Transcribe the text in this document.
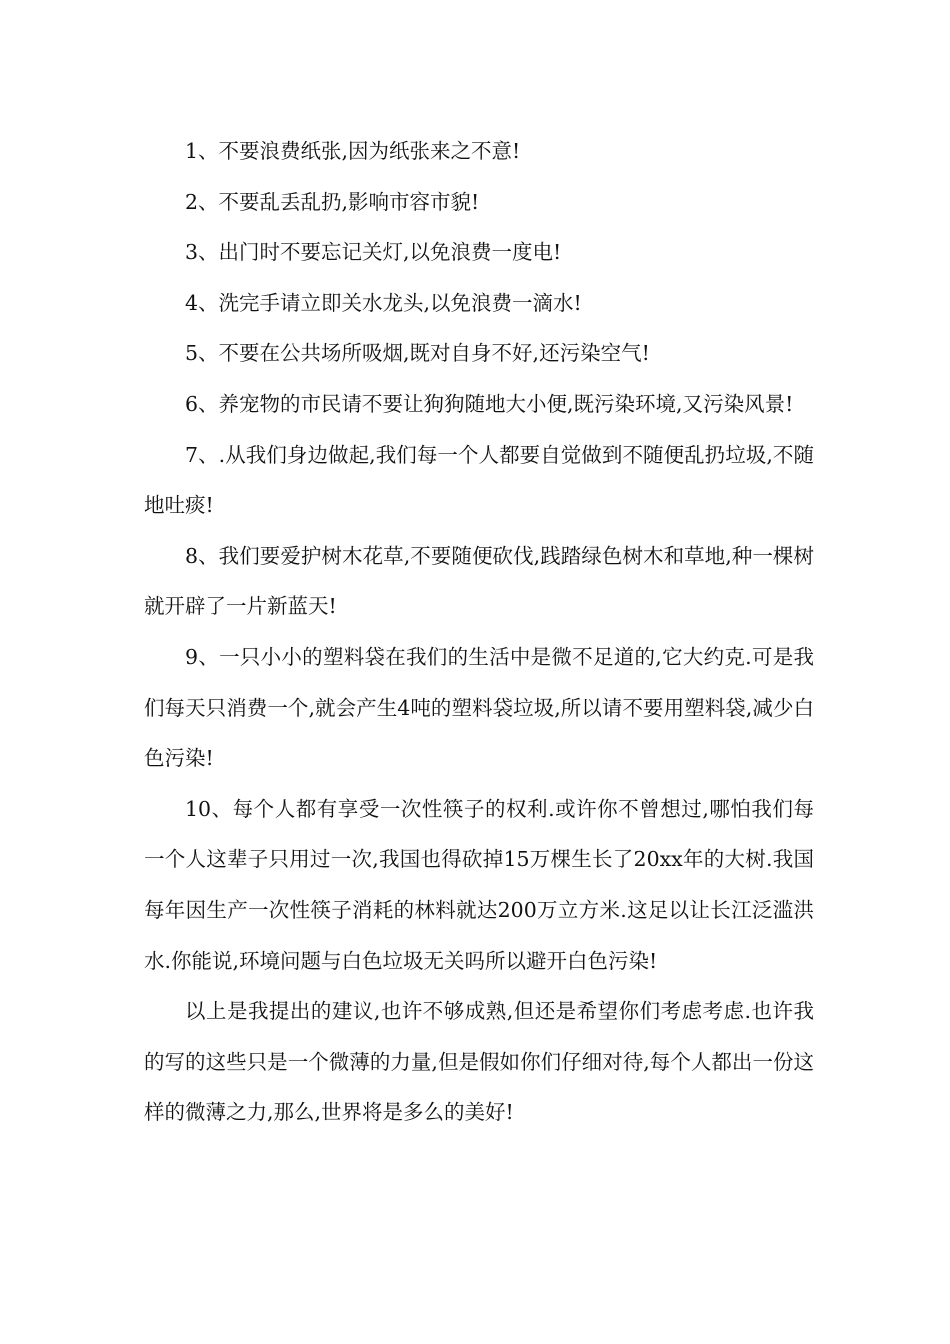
1、不要浪费纸张,因为纸张来之不意!

2、不要乱丢乱扔,影响市容市貌!

3、出门时不要忘记关灯,以免浪费一度电!

4、洗完手请立即关水龙头,以免浪费一滴水!

5、不要在公共场所吸烟,既对自身不好,还污染空气!

6、养宠物的市民请不要让狗狗随地大小便,既污染环境,又污染风景!

7、.从我们身边做起,我们每一个人都要自觉做到不随便乱扔垃圾,不随地吐痰!

8、我们要爱护树木花草,不要随便砍伐,践踏绿色树木和草地,种一棵树就开辟了一片新蓝天!

9、一只小小的塑料袋在我们的生活中是微不足道的,它大约克.可是我们每天只消费一个,就会产生4吨的塑料袋垃圾,所以请不要用塑料袋,减少白色污染!

10、每个人都有享受一次性筷子的权利.或许你不曾想过,哪怕我们每一个人这辈子只用过一次,我国也得砍掉15万棵生长了20xx年的大树.我国每年因生产一次性筷子消耗的林料就达200万立方米.这足以让长江泛滥洪水.你能说,环境问题与白色垃圾无关吗所以避开白色污染!

以上是我提出的建议,也许不够成熟,但还是希望你们考虑考虑.也许我的写的这些只是一个微薄的力量,但是假如你们仔细对待,每个人都出一份这样的微薄之力,那么,世界将是多么的美好!
